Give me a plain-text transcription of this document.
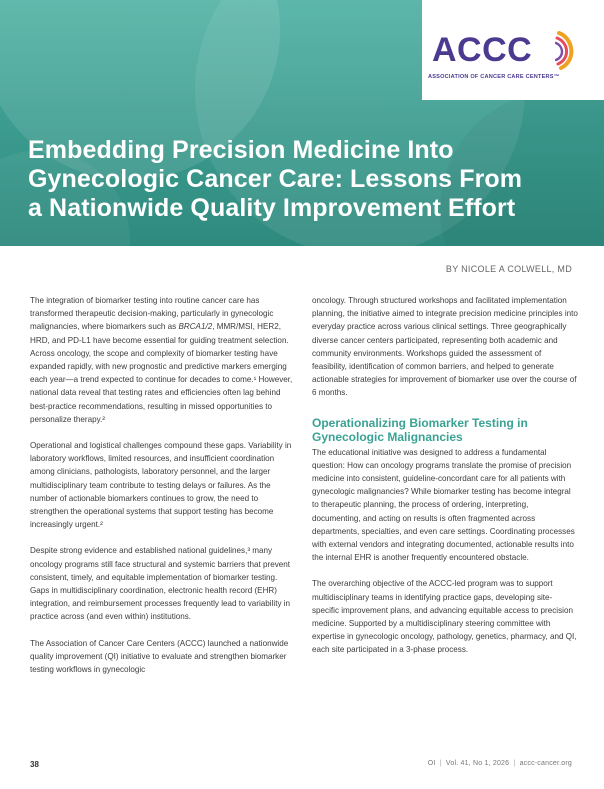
Embedding Precision Medicine Into
Gynecologic Cancer Care: Lessons From
a Nationwide Quality Improvement Effort
ACCC
ASSOCIATION OF CANCER CARE CENTERS™
BY NICOLE A COLWELL, MD

The integration of biomarker testing into routine cancer care has transformed therapeutic decision-making, particularly in gynecologic malignancies, where biomarkers such as BRCA1/2, MMR/MSI, HER2, HRD, and PD-L1 have become essential for guiding treatment selection. Across oncology, the scope and complexity of biomarker testing have expanded rapidly, with new prognostic and predictive markers emerging each year—a trend expected to continue for decades to come.¹ However, national data reveal that testing rates and efficiencies often lag behind best-practice recommendations, resulting in missed opportunities to personalize therapy.²

Operational and logistical challenges compound these gaps. Variability in laboratory workflows, limited resources, and insufficient coordination among clinicians, pathologists, laboratory personnel, and the larger multidisciplinary team contribute to testing delays or failures. As the number of actionable biomarkers continues to grow, the need to strengthen the operational systems that support testing has become increasingly urgent.²

Despite strong evidence and established national guidelines,³ many oncology programs still face structural and systemic barriers that prevent consistent, timely, and equitable implementation of biomarker testing. Gaps in multidisciplinary coordination, electronic health record (EHR) integration, and reimbursement processes frequently lead to variability in practice across (and even within) institutions.

The Association of Cancer Care Centers (ACCC) launched a nationwide quality improvement (QI) initiative to evaluate and strengthen biomarker testing workflows in gynecologic

oncology. Through structured workshops and facilitated implementation planning, the initiative aimed to integrate precision medicine principles into everyday practice across various clinical settings. Three geographically diverse cancer centers participated, representing both academic and community environments. Workshops guided the assessment of feasibility, identification of common barriers, and helped to generate actionable strategies for improvement of biomarker use over the course of 6 months.

Operationalizing Biomarker Testing in Gynecologic Malignancies

The educational initiative was designed to address a fundamental question: How can oncology programs translate the promise of precision medicine into consistent, guideline-concordant care for all patients with gynecologic malignancies? While biomarker testing has become integral to therapeutic planning, the process of ordering, interpreting, documenting, and acting on results is often fragmented across departments, specialties, and even care settings. Coordinating processes with external vendors and integrating documented, actionable results into the internal EHR is another frequently encountered obstacle.

The overarching objective of the ACCC-led program was to support multidisciplinary teams in identifying practice gaps, developing site-specific improvement plans, and advancing equitable access to precision medicine. Supported by a multidisciplinary steering committee with expertise in gynecologic oncology, pathology, genetics, pharmacy, and QI, each site participated in a 3-phase process.

38	OI | Vol. 41, No 1, 2026 | accc-cancer.org
